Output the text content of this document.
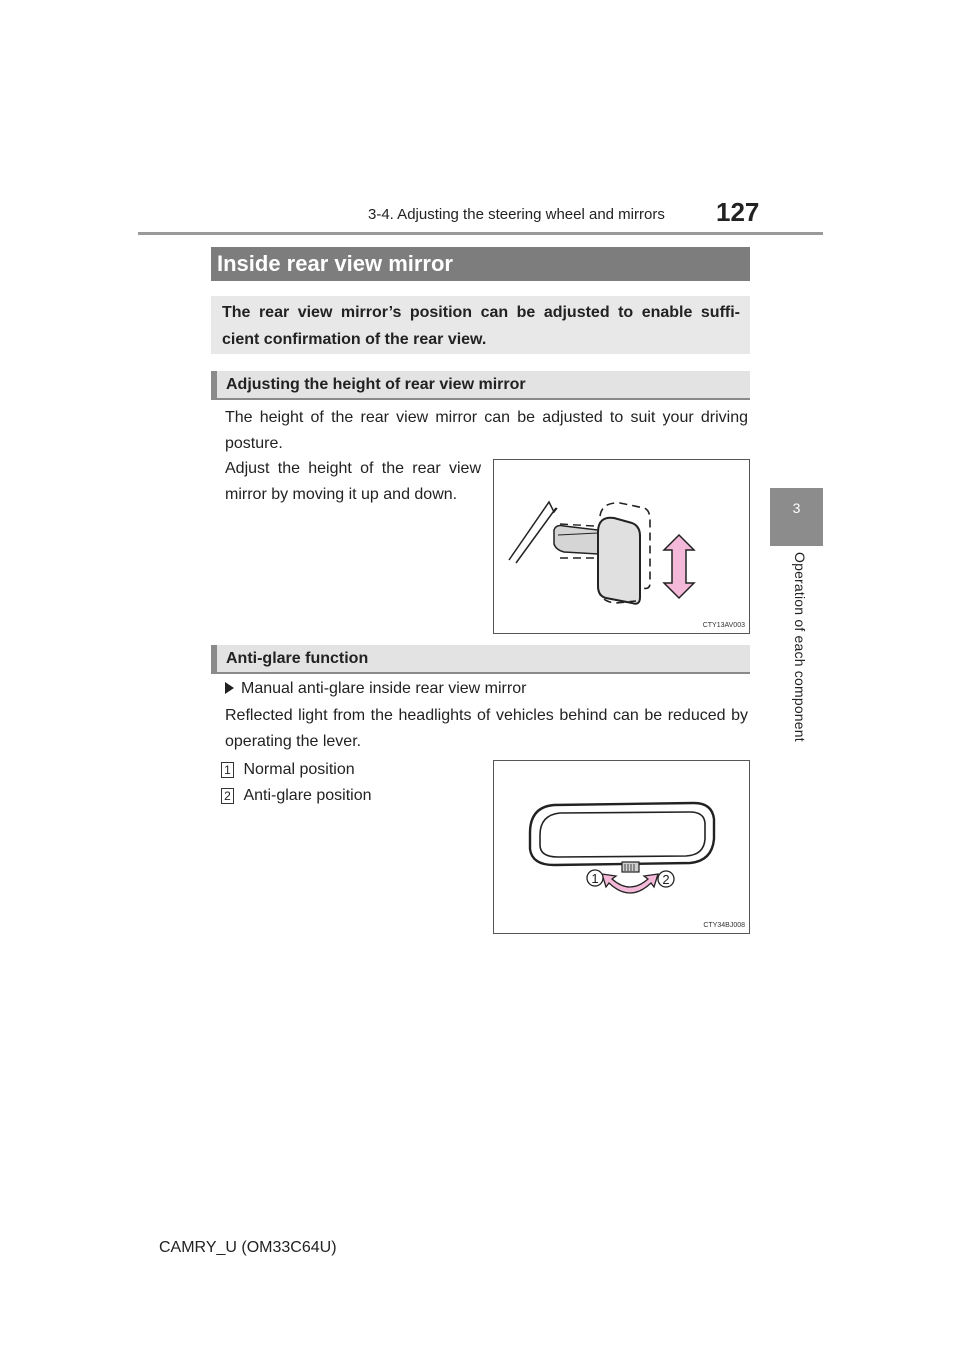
3-4. Adjusting the steering wheel and mirrors 127
3
Operation of each component
Inside rear view mirror
The rear view mirror’s position can be adjusted to enable suffi- cient confirmation of the rear view.
Adjusting the height of rear view mirror
The height of the rear view mirror can be adjusted to suit your driving posture.
Adjust the height of the rear view mirror by moving it up and down.
CTY13AV003
Anti-glare function
Manual anti-glare inside rear view mirror
Reflected light from the headlights of vehicles behind can be reduced by operating the lever.
1 Normal position
2 Anti-glare position
1	2
CTY34BJ008
CAMRY_U (OM33C64U)
